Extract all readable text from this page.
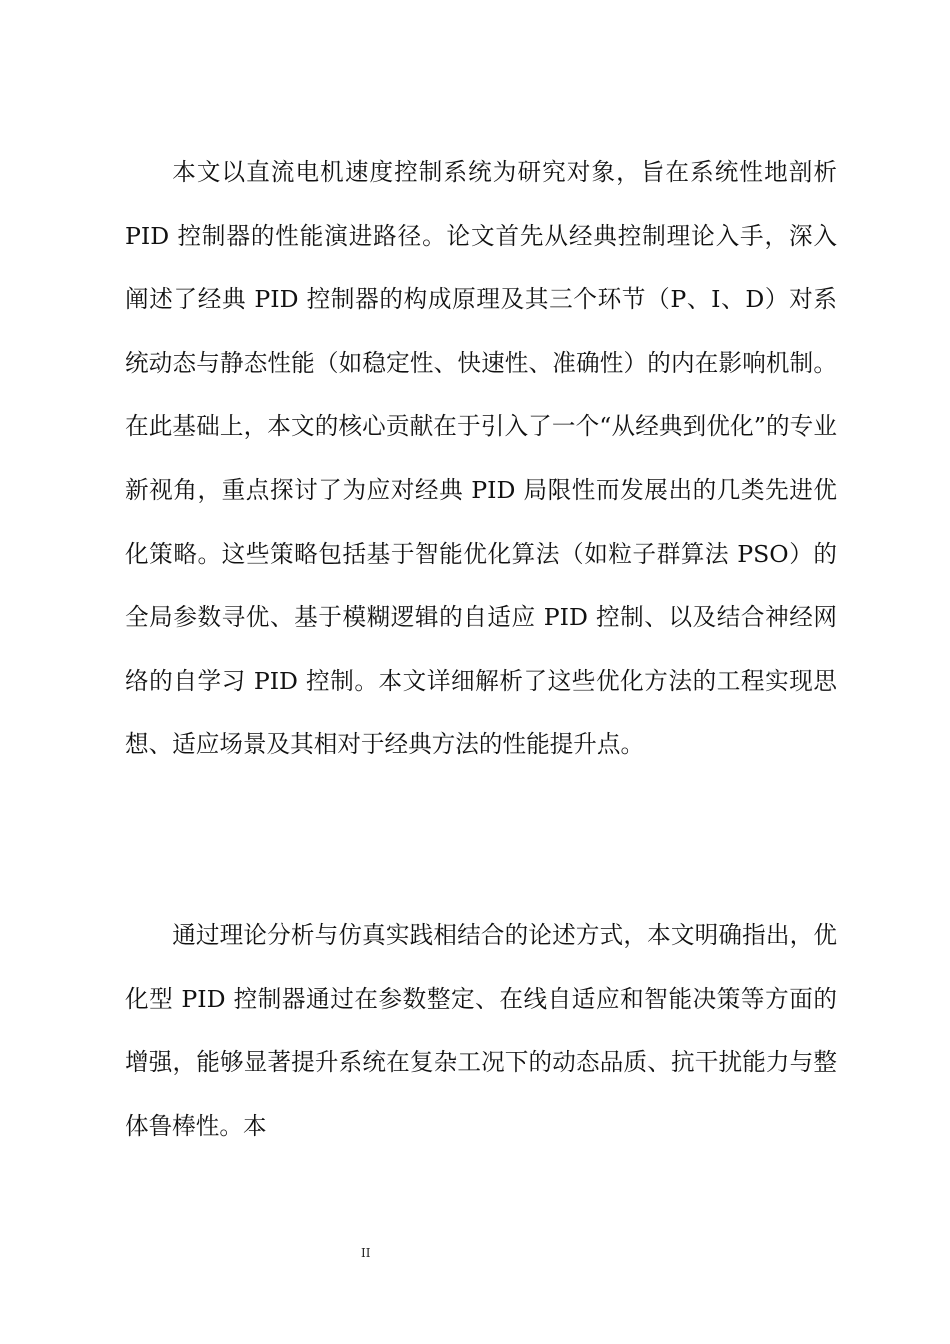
本文以直流电机速度控制系统为研究对象，旨在系统性地剖析 PID 控制器的性能演进路径。论文首先从经典控制理论入手，深入阐述了经典 PID 控制器的构成原理及其三个环节（P、I、D）对系统动态与静态性能（如稳定性、快速性、准确性）的内在影响机制。在此基础上，本文的核心贡献在于引入了一个“从经典到优化”的专业新视角，重点探讨了为应对经典 PID 局限性而发展出的几类先进优化策略。这些策略包括基于智能优化算法（如粒子群算法 PSO）的全局参数寻优、基于模糊逻辑的自适应 PID 控制、以及结合神经网络的自学习 PID 控制。本文详细解析了这些优化方法的工程实现思想、适应场景及其相对于经典方法的性能提升点。

通过理论分析与仿真实践相结合的论述方式，本文明确指出，优化型 PID 控制器通过在参数整定、在线自适应和智能决策等方面的增强，能够显著提升系统在复杂工况下的动态品质、抗干扰能力与整体鲁棒性。本

II
